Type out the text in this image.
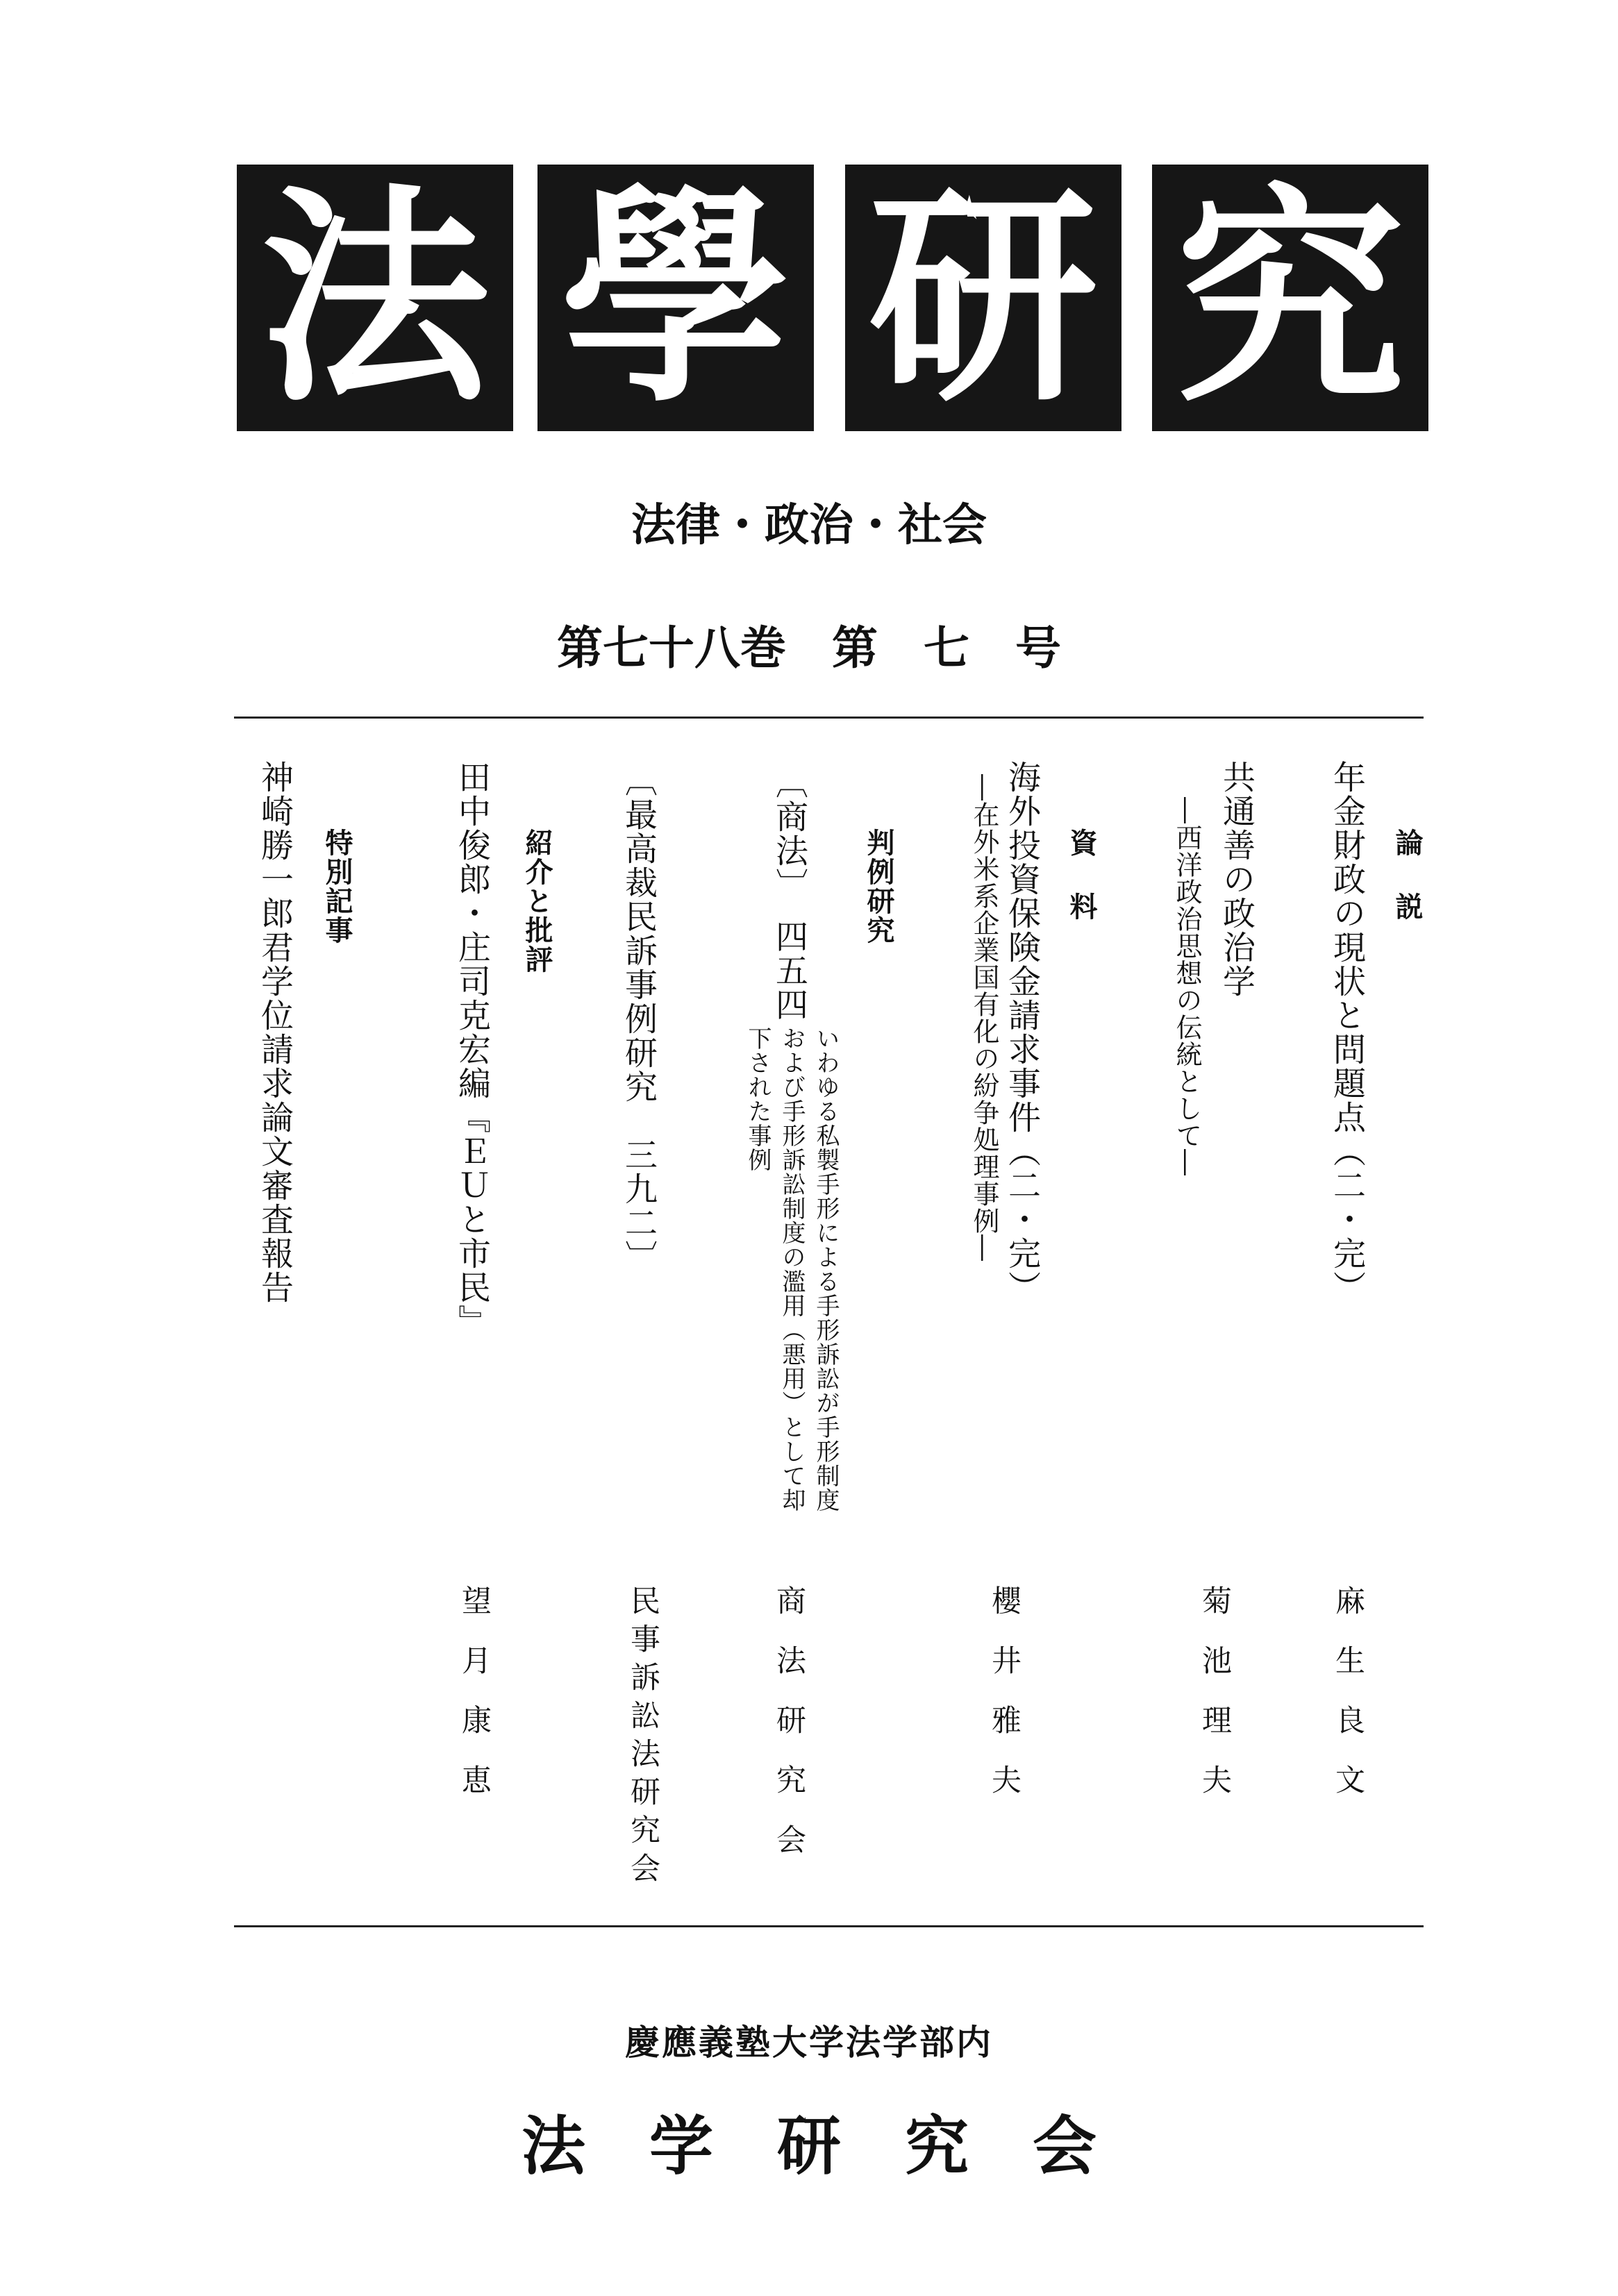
法 學 研 究
法律・政治・社会
第七十八巻　第　七　号
論　説
年金財政の現状と問題点（二・完）
麻　生　良　文
共通善の政治学
―西洋政治思想の伝統として―
菊　池　理　夫
資　料
海外投資保険金請求事件（二・完）
―在外米系企業国有化の紛争処理事例―
櫻　井　雅　夫
判例研究
〔商法〕　四五四
いわゆる私製手形による手形訴訟が手形制度
および手形訴訟制度の濫用（悪用）として却
下された事例
商　法　研　究　会
〔最高裁民訴事例研究　三九二〕
民事訴訟法研究会
紹介と批評
田中俊郎・庄司克宏編『ＥＵと市民』
望　月　康　恵
特別記事
神崎勝一郎君学位請求論文審査報告
慶應義塾大学法学部内
法　学　研　究　会
